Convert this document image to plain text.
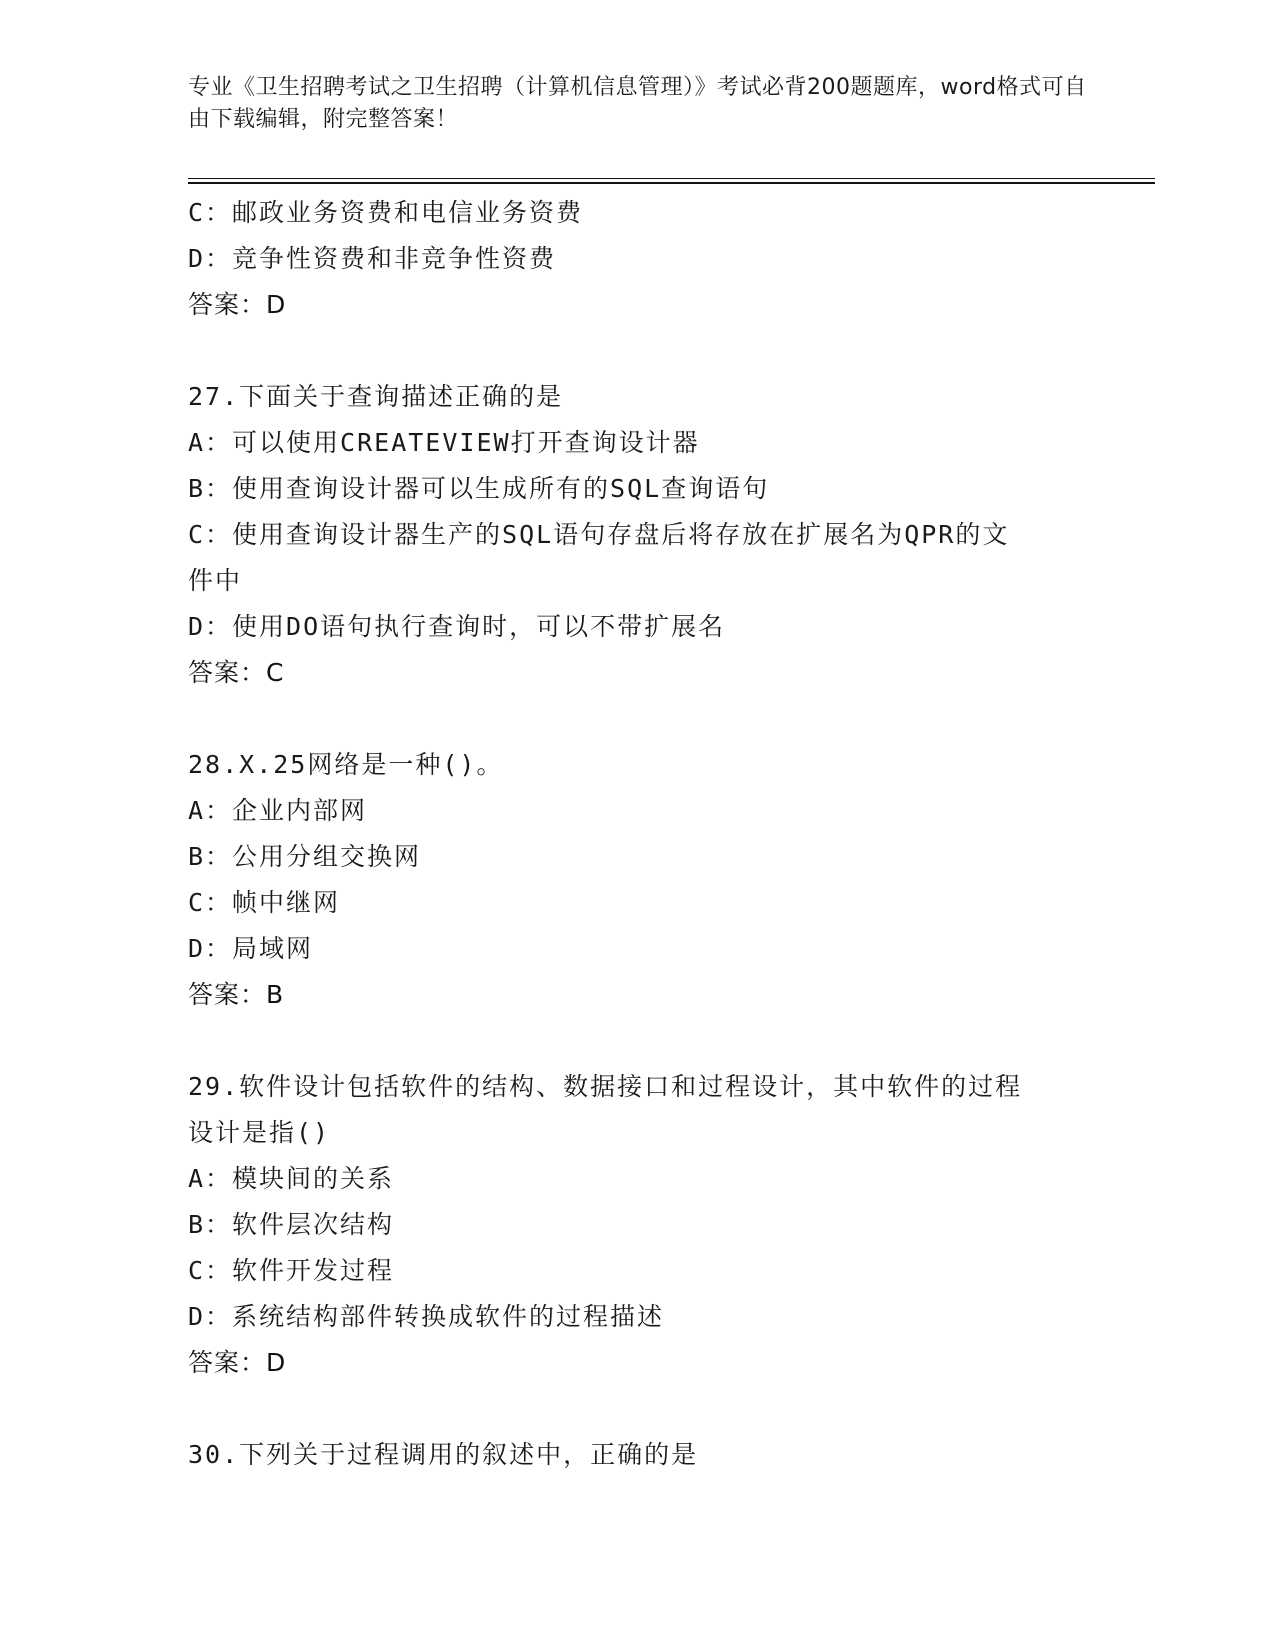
专业《卫生招聘考试之卫生招聘（计算机信息管理）》考试必背200题题库，word格式可自由下载编辑，附完整答案！
C：邮政业务资费和电信业务资费
D：竞争性资费和非竞争性资费
答案：D
27.下面关于查询描述正确的是
A：可以使用CREATEVIEW打开查询设计器
B：使用查询设计器可以生成所有的SQL查询语句
C：使用查询设计器生产的SQL语句存盘后将存放在扩展名为QPR的文
件中
D：使用DO语句执行查询时，可以不带扩展名
答案：C
28.X.25网络是一种()。
A：企业内部网
B：公用分组交换网
C：帧中继网
D：局域网
答案：B
29.软件设计包括软件的结构、数据接口和过程设计，其中软件的过程
设计是指()
A：模块间的关系
B：软件层次结构
C：软件开发过程
D：系统结构部件转换成软件的过程描述
答案：D
30.下列关于过程调用的叙述中，正确的是
